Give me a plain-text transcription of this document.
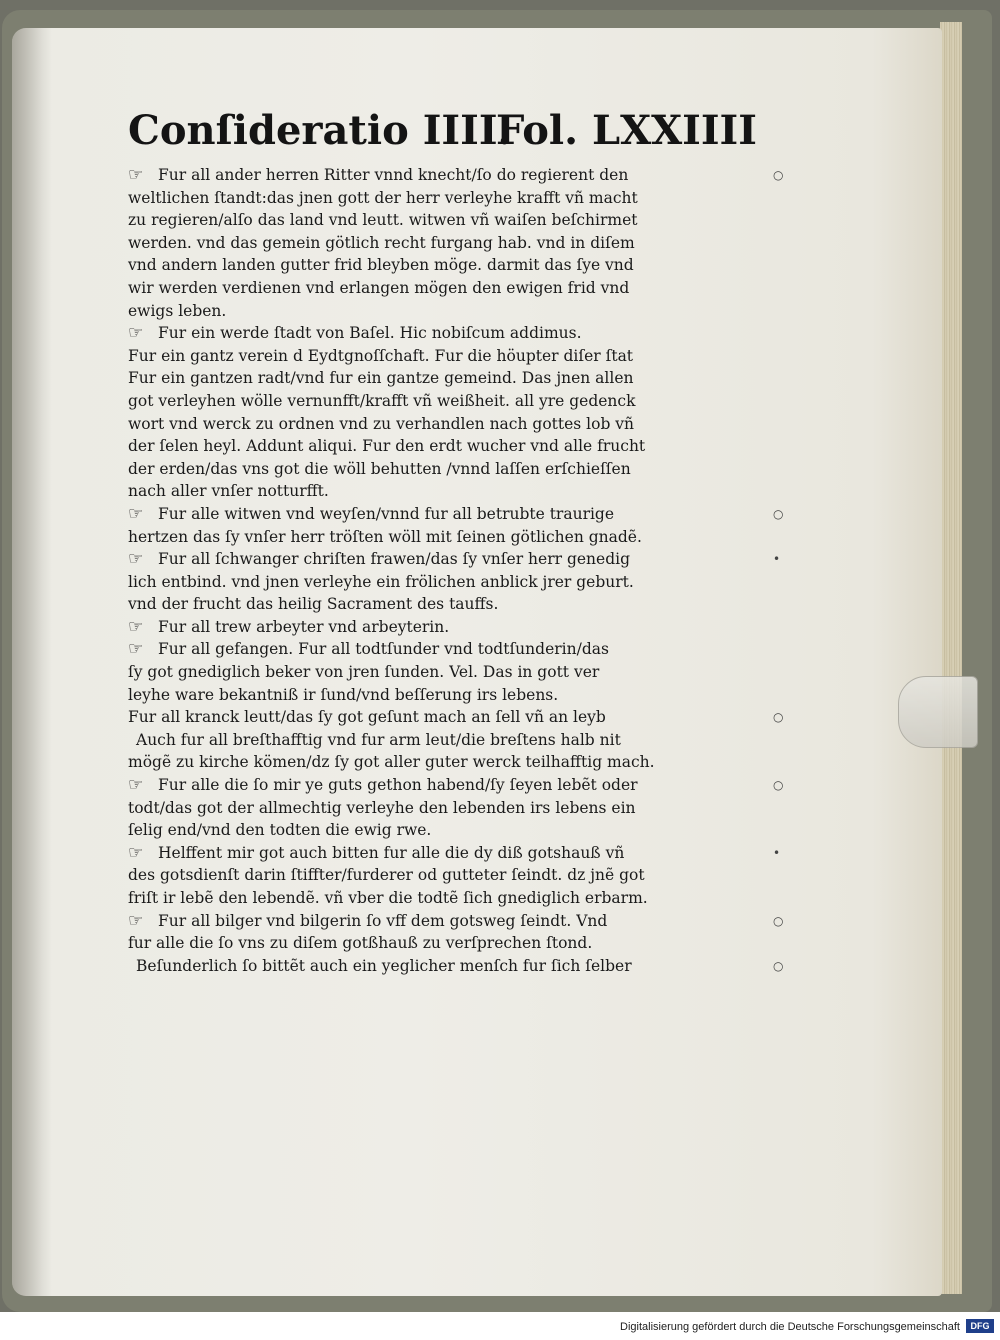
Conſideratio IIII.
Fol. LXXIIII
☞ Fur all ander herren Ritter vnnd knecht/ſo do regierent den	○
weltlichen ſtandt:das jnen gott der herr verleyhe krafft vñ macht
zu regieren/alſo das land vnd leutt. witwen vñ waiſen beſchirmet
werden. vnd das gemein götlich recht furgang hab. vnd in diſem
vnd andern landen gutter frid bleyben möge. darmit das ſye vnd
wir werden verdienen vnd erlangen mögen den ewigen frid vnd
ewigs leben.
☞ Fur ein werde ſtadt von Baſel. Hic nobiſcum addimus.
Fur ein gantz verein d Eydtgnoſſchaft. Fur die höupter diſer ſtat
Fur ein gantzen radt/vnd fur ein gantze gemeind. Das jnen allen
got verleyhen wölle vernunfft/krafft vñ weißheit. all yre gedenck
wort vnd werck zu ordnen vnd zu verhandlen nach gottes lob vñ
der ſelen heyl. Addunt aliqui. Fur den erdt wucher vnd alle frucht
der erden/das vns got die wöll behutten /vnnd laſſen erſchieſſen
nach aller vnſer notturfft.
☞ Fur alle witwen vnd weyſen/vnnd fur all betrubte traurige	○
hertzen das ſy vnſer herr tröſten wöll mit ſeinen götlichen gnadẽ.
☞ Fur all ſchwanger chriſten frawen/das ſy vnſer herr genedig	•
lich entbind. vnd jnen verleyhe ein frölichen anblick jrer geburt.
vnd der frucht das heilig Sacrament des tauffs.
☞ Fur all trew arbeyter vnd arbeyterin.
☞ Fur all gefangen. Fur all todtſunder vnd todtſunderin/das
ſy got gnediglich beker von jren ſunden. Vel. Das in gott ver
leyhe ware bekantniß ir ſund/vnd beſſerung irs lebens.
Fur all kranck leutt/das ſy got geſunt mach an ſell vñ an leyb	○
Auch fur all breſthafftig vnd fur arm leut/die breſtens halb nit
mögẽ zu kirche kömen/dz ſy got aller guter werck teilhafftig mach.
☞ Fur alle die ſo mir ye guts gethon habend/ſy ſeyen lebẽt oder	○
todt/das got der allmechtig verleyhe den lebenden irs lebens ein
ſelig end/vnd den todten die ewig rwe.
☞ Helffent mir got auch bitten fur alle die dy diß gotshauß vñ	•
des gotsdienſt darin ſtiffter/furderer od gutteter ſeindt. dz jnẽ got
friſt ir lebẽ den lebendẽ. vñ vber die todtẽ ſich gnediglich erbarm.
☞ Fur all bilger vnd bilgerin ſo vff dem gotsweg ſeindt. Vnd	○
fur alle die ſo vns zu diſem gotßhauß zu verſprechen ſtond.
Beſunderlich ſo bittẽt auch ein yeglicher menſch fur ſich ſelber	○
Digitalisierung gefördert durch die Deutsche Forschungsgemeinschaft	DFG
